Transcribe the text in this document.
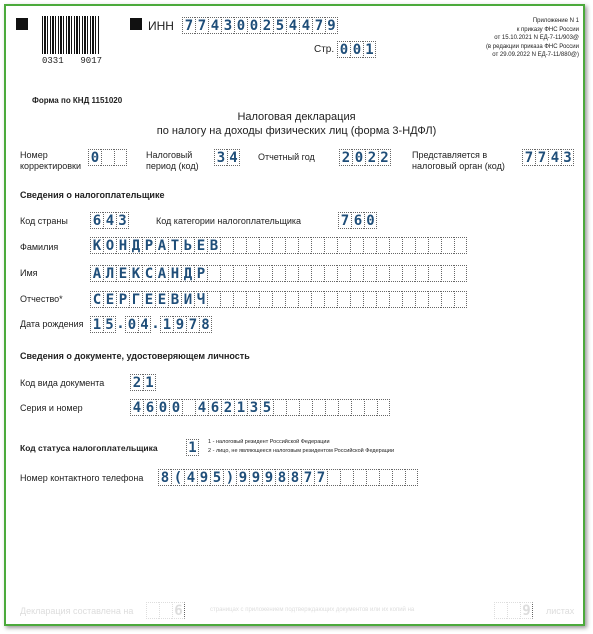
0331 9017
ИНН 7 7 4 3 0 0 2 5 4 4 7 9
Стр. 0 0 1
Приложение N 1
к приказу ФНС России
от 15.10.2021 N ЕД-7-11/903@
(в редакции приказа ФНС России
от 29.09.2022 N ЕД-7-11/880@)
Форма по КНД 1151020
Налоговая декларация
по налогу на доходы физических лиц (форма 3-НДФЛ)
Номер
корректировки 0	Налоговый
период (код) 3 4 Отчетный год 2 0 2 2	Представляется в
налоговый орган (код) 7 7 4 3
Сведения о налогоплательщике
Код страны 6 4 3	Код категории налогоплательщика	7 6 0
Фамилия К О Н Д Р А Т Ь Е В
Имя	А Л Е К С А Н Д Р
Отчество* С Е Р Г Е Е В И Ч
Дата рождения 1 5 . 0 4 . 1 9 7 8
Сведения о документе, удостоверяющем личность
Код вида документа 2 1
Серия и номер	4 6 0 0 4 6 2 1 3 5
Код статуса налогоплательщика 1	1 - налоговый резидент Российской Федерации
2 - лицо, не являющееся налоговым резидентом Российской Федерации
Номер контактного телефона	8 ( 4 9 5 ) 9 9 9 8 8 7 7
Декларация составлена на	6	страницах с приложением подтверждающих документов или их копий на	9 листах
